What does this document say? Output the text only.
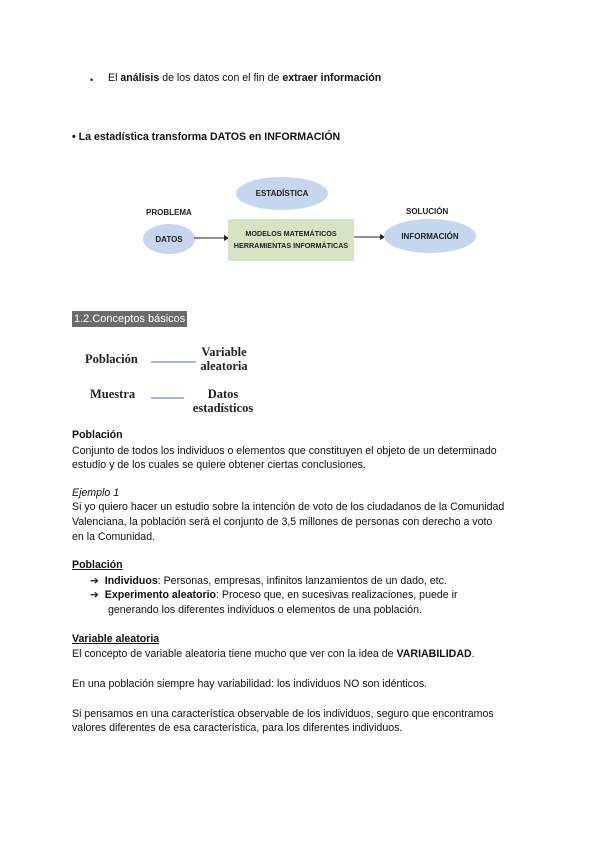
• El análisis de los datos con el fin de extraer información
• La estadística transforma DATOS en INFORMACIÓN
ESTADÍSTICA
PROBLEMA
DATOS
MODELOS MATEMÁTICOS
HERRAMIENTAS INFORMÁTICAS
SOLUCIÓN
INFORMACIÓN
1.2.Conceptos básicos
Población	Variable
aleatoria
Muestra	Datos
estadísticos
Población
Conjunto de todos los individuos o elementos que constituyen el objeto de un determinado
estudio y de los cuales se quiere obtener ciertas conclusiones.
Ejemplo 1
Si yo quiero hacer un estudio sobre la intención de voto de los ciudadanos de la Comunidad
Valenciana, la población será el conjunto de 3,5 millones de personas con derecho a voto
en la Comunidad.
Población
➔  Individuos: Personas, empresas, infinitos lanzamientos de un dado, etc.
➔  Experimento aleatorio: Proceso que, en sucesivas realizaciones, puede ir
generando los diferentes individuos o elementos de una población.
Variable aleatoria
El concepto de variable aleatoria tiene mucho que ver con la idea de VARIABILIDAD.
En una población siempre hay variabilidad: los individuos NO son idénticos.
Si pensamos en una característica observable de los individuos, seguro que encontramos
valores diferentes de esa característica, para los diferentes individuos.
